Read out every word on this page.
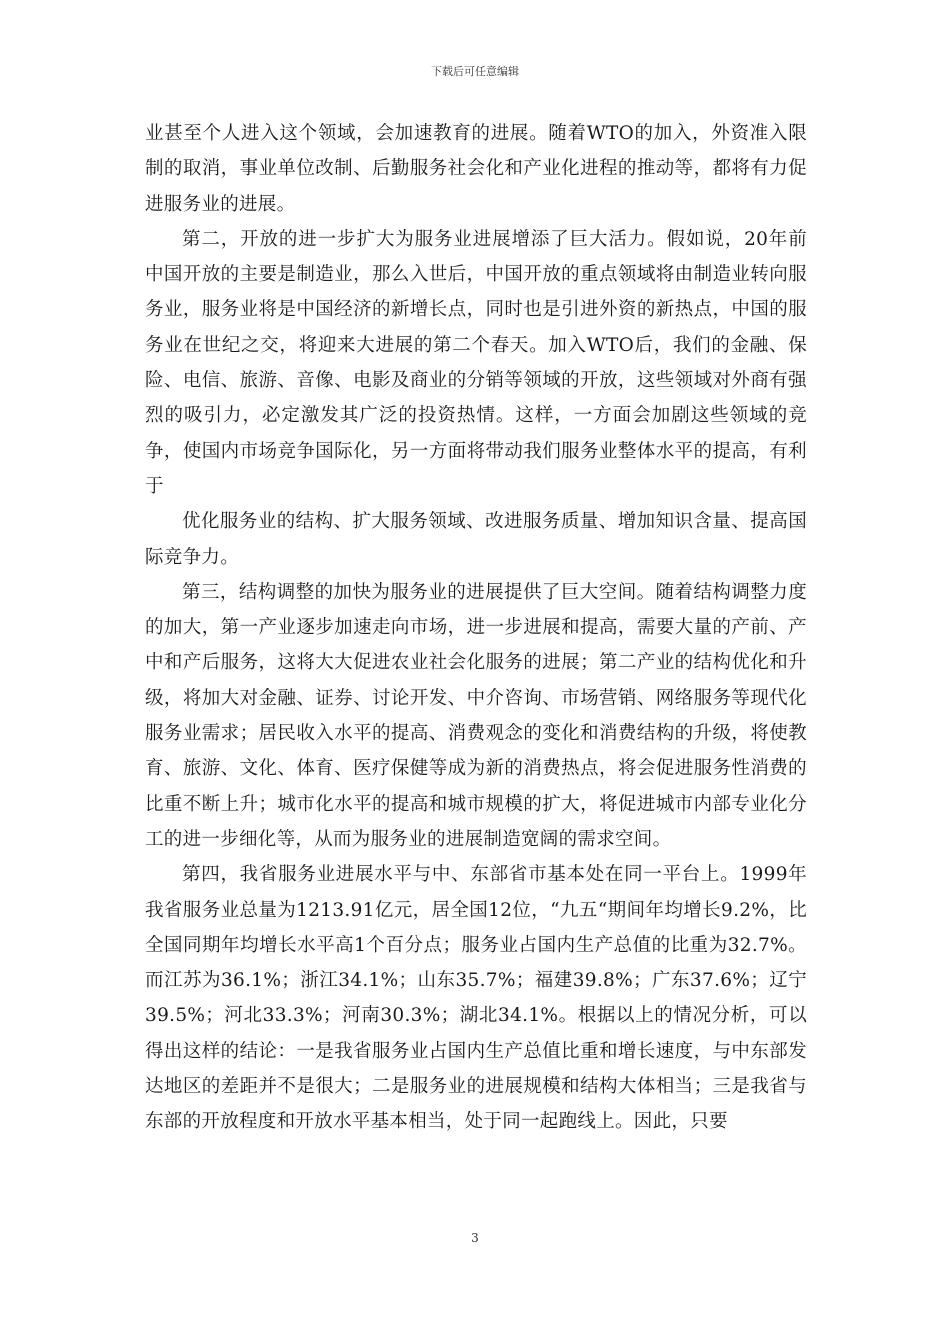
下载后可任意编辑

业甚至个人进入这个领域，会加速教育的进展。随着WTO的加入，外资准入限制的取消，事业单位改制、后勤服务社会化和产业化进程的推动等，都将有力促进服务业的进展。

第二，开放的进一步扩大为服务业进展增添了巨大活力。假如说，20年前中国开放的主要是制造业，那么入世后，中国开放的重点领域将由制造业转向服务业，服务业将是中国经济的新增长点，同时也是引进外资的新热点，中国的服务业在世纪之交，将迎来大进展的第二个春天。加入WTO后，我们的金融、保险、电信、旅游、音像、电影及商业的分销等领域的开放，这些领域对外商有强烈的吸引力，必定激发其广泛的投资热情。这样，一方面会加剧这些领域的竞争，使国内市场竞争国际化，另一方面将带动我们服务业整体水平的提高，有利于

优化服务业的结构、扩大服务领域、改进服务质量、增加知识含量、提高国际竞争力。

第三，结构调整的加快为服务业的进展提供了巨大空间。随着结构调整力度的加大，第一产业逐步加速走向市场，进一步进展和提高，需要大量的产前、产中和产后服务，这将大大促进农业社会化服务的进展；第二产业的结构优化和升级，将加大对金融、证券、讨论开发、中介咨询、市场营销、网络服务等现代化服务业需求；居民收入水平的提高、消费观念的变化和消费结构的升级，将使教育、旅游、文化、体育、医疗保健等成为新的消费热点，将会促进服务性消费的比重不断上升；城市化水平的提高和城市规模的扩大，将促进城市内部专业化分工的进一步细化等，从而为服务业的进展制造宽阔的需求空间。

第四，我省服务业进展水平与中、东部省市基本处在同一平台上。1999年我省服务业总量为1213.91亿元，居全国12位，“九五“期间年均增长9.2%，比全国同期年均增长水平高1个百分点；服务业占国内生产总值的比重为32.7%。而江苏为36.1%；浙江34.1%；山东35.7%；福建39.8%；广东37.6%；辽宁39.5%；河北33.3%；河南30.3%；湖北34.1%。根据以上的情况分析，可以得出这样的结论：一是我省服务业占国内生产总值比重和增长速度，与中东部发达地区的差距并不是很大；二是服务业的进展规模和结构大体相当；三是我省与东部的开放程度和开放水平基本相当，处于同一起跑线上。因此，只要

3
